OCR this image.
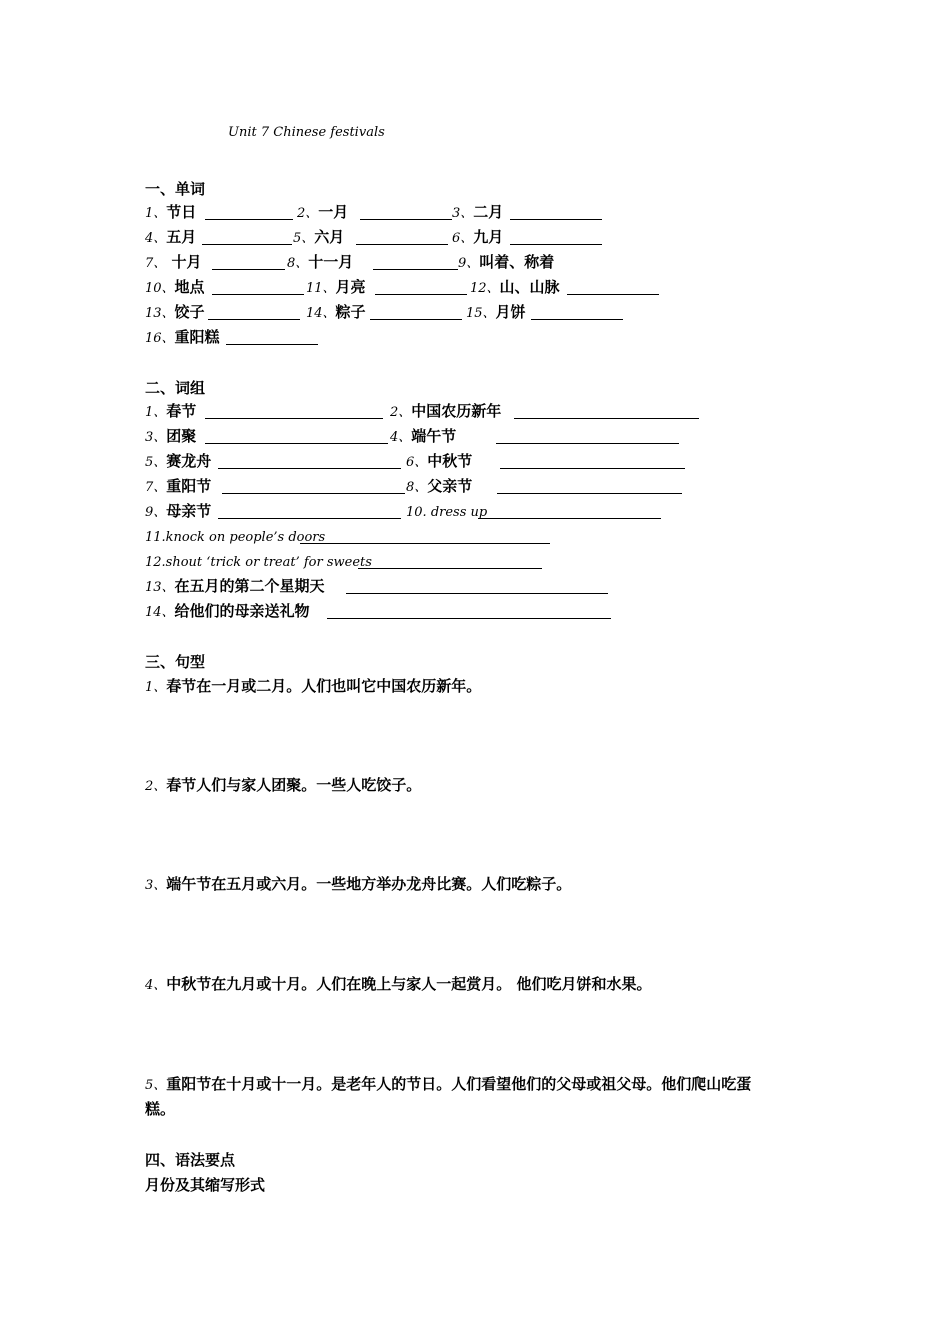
Unit 7 Chinese festivals
一、单词
1、节日	2、一月	3、二月
4、五月	5、六月	6、九月
7、 十月	8、十一月	9、叫着、称着
10、地点	11、月亮	12、山、山脉
13、饺子	14、粽子	15、月饼
16、重阳糕
二、词组
1、春节	2、中国农历新年
3、团聚	4、端午节
5、赛龙舟	6、中秋节
7、重阳节	8、父亲节
9、母亲节	10. dress up
11.knock on people’s doors
12.shout ‘trick or treat’ for sweets
13、在五月的第二个星期天
14、给他们的母亲送礼物
三、句型
1、春节在一月或二月。人们也叫它中国农历新年。
2、春节人们与家人团聚。一些人吃饺子。
3、端午节在五月或六月。一些地方举办龙舟比赛。人们吃粽子。
4、中秋节在九月或十月。人们在晚上与家人一起赏月。 他们吃月饼和水果。
5、重阳节在十月或十一月。是老年人的节日。人们看望他们的父母或祖父母。他们爬山吃蛋
糕。
四、语法要点
月份及其缩写形式
